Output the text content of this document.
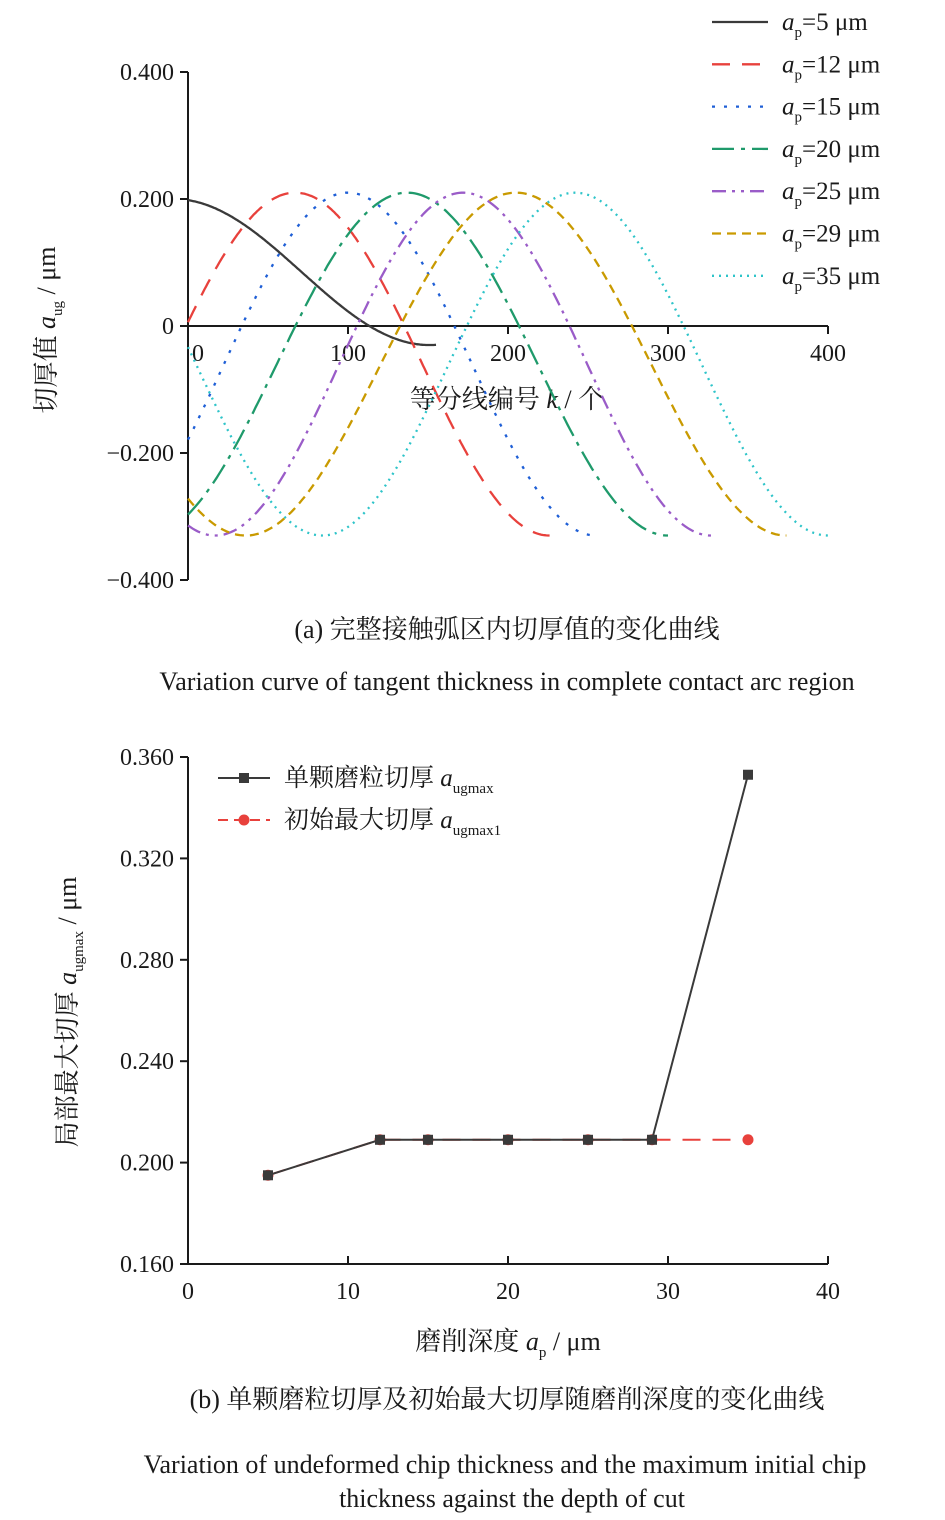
0.400
0.200
0
−0.200
−0.400
0	100	200	300	400
等分线编号 k / 个
切厚值 $a_{ug}$ / μm
$a_p=5$ μm
$a_p=12$ μm
$a_p=15$ μm
$a_p=20$ μm
$a_p=25$ μm
$a_p=29$ μm
$a_p=35$ μm
0.360
0.320
0.280
0.240
0.200
0.160
0	10	20	30	40
磨削深度 $a_p$ / μm
局部最大切厚 $a_{ugmax}$ / μm
单颗磨粒切厚 $a_{ugmax}$
初始最大切厚 $a_{ugmax1}$
(a) 完整接触弧区内切厚值的变化曲线
Variation curve of tangent thickness in complete contact arc region
(b) 单颗磨粒切厚及初始最大切厚随磨削深度的变化曲线
Variation of undeformed chip thickness and the maximum initial chip
thickness against the depth of cut
